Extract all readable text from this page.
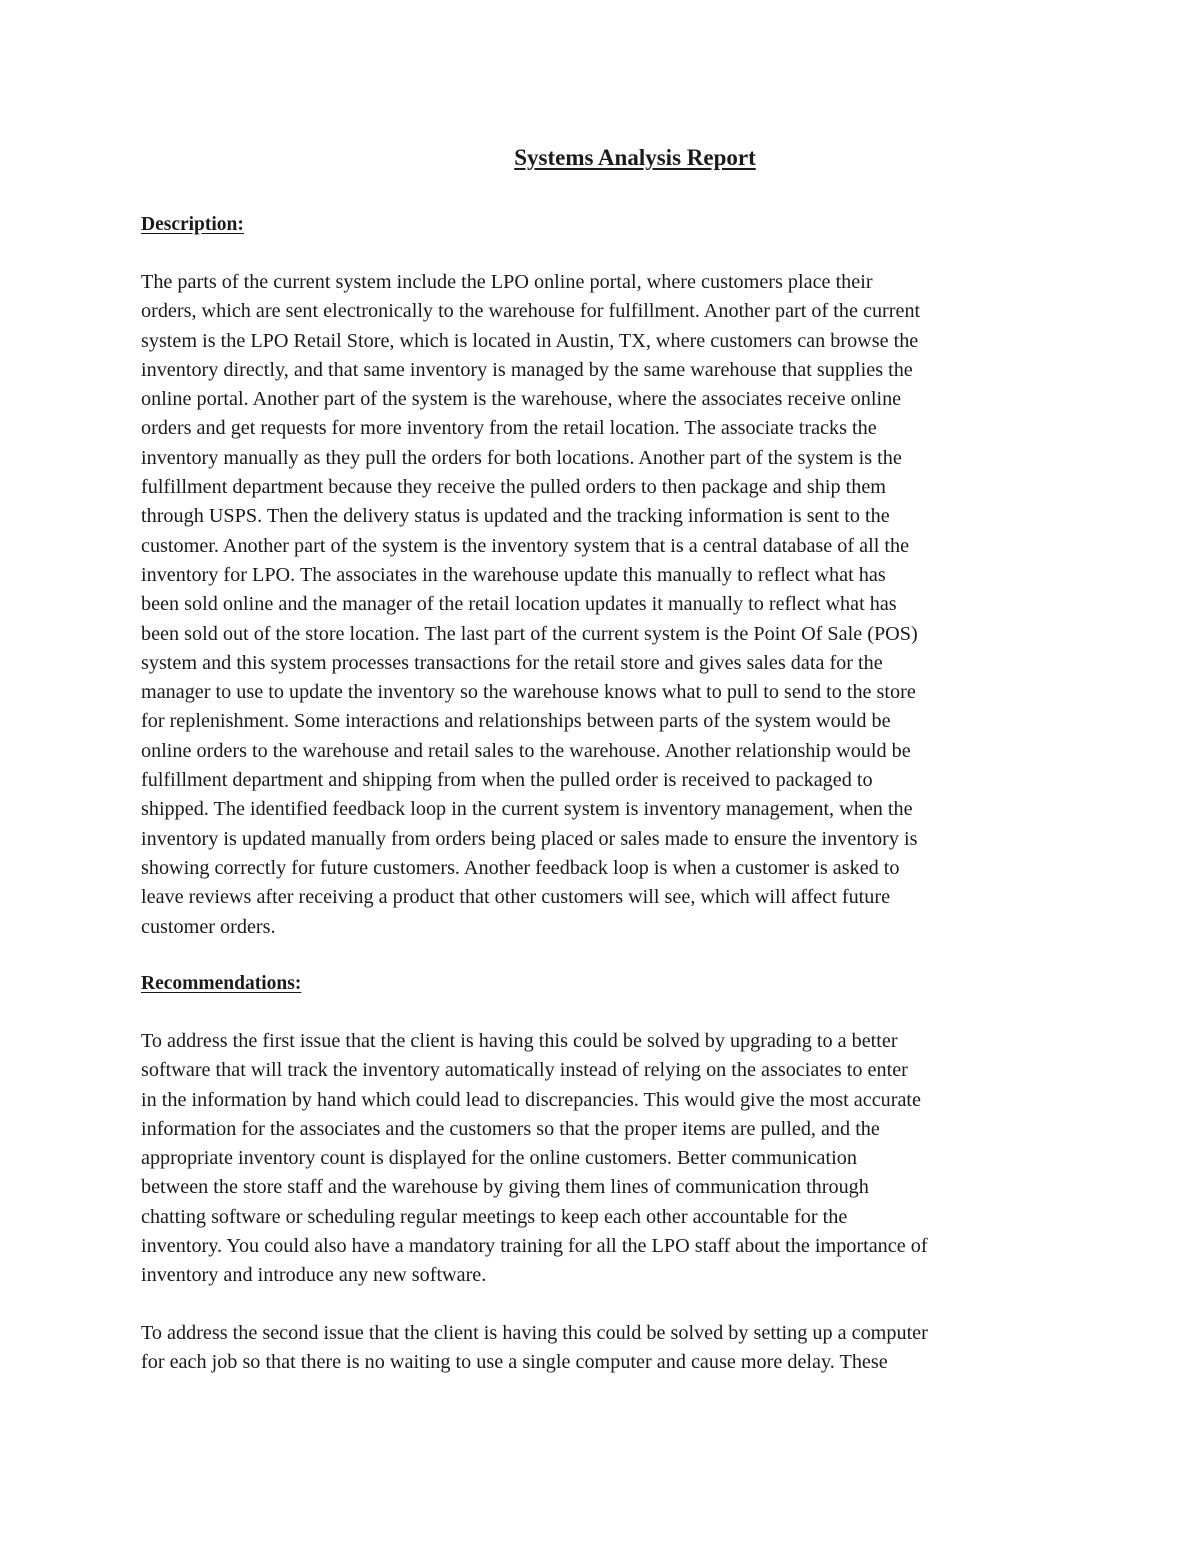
Systems Analysis Report
Description:
The parts of the current system include the LPO online portal, where customers place their
orders, which are sent electronically to the warehouse for fulfillment. Another part of the current
system is the LPO Retail Store, which is located in Austin, TX, where customers can browse the
inventory directly, and that same inventory is managed by the same warehouse that supplies the
online portal. Another part of the system is the warehouse, where the associates receive online
orders and get requests for more inventory from the retail location. The associate tracks the
inventory manually as they pull the orders for both locations. Another part of the system is the
fulfillment department because they receive the pulled orders to then package and ship them
through USPS. Then the delivery status is updated and the tracking information is sent to the
customer. Another part of the system is the inventory system that is a central database of all the
inventory for LPO. The associates in the warehouse update this manually to reflect what has
been sold online and the manager of the retail location updates it manually to reflect what has
been sold out of the store location. The last part of the current system is the Point Of Sale (POS)
system and this system processes transactions for the retail store and gives sales data for the
manager to use to update the inventory so the warehouse knows what to pull to send to the store
for replenishment. Some interactions and relationships between parts of the system would be
online orders to the warehouse and retail sales to the warehouse. Another relationship would be
fulfillment department and shipping from when the pulled order is received to packaged to
shipped. The identified feedback loop in the current system is inventory management, when the
inventory is updated manually from orders being placed or sales made to ensure the inventory is
showing correctly for future customers. Another feedback loop is when a customer is asked to
leave reviews after receiving a product that other customers will see, which will affect future
customer orders.
Recommendations:
To address the first issue that the client is having this could be solved by upgrading to a better
software that will track the inventory automatically instead of relying on the associates to enter
in the information by hand which could lead to discrepancies. This would give the most accurate
information for the associates and the customers so that the proper items are pulled, and the
appropriate inventory count is displayed for the online customers. Better communication
between the store staff and the warehouse by giving them lines of communication through
chatting software or scheduling regular meetings to keep each other accountable for the
inventory. You could also have a mandatory training for all the LPO staff about the importance of
inventory and introduce any new software.
To address the second issue that the client is having this could be solved by setting up a computer
for each job so that there is no waiting to use a single computer and cause more delay. These
